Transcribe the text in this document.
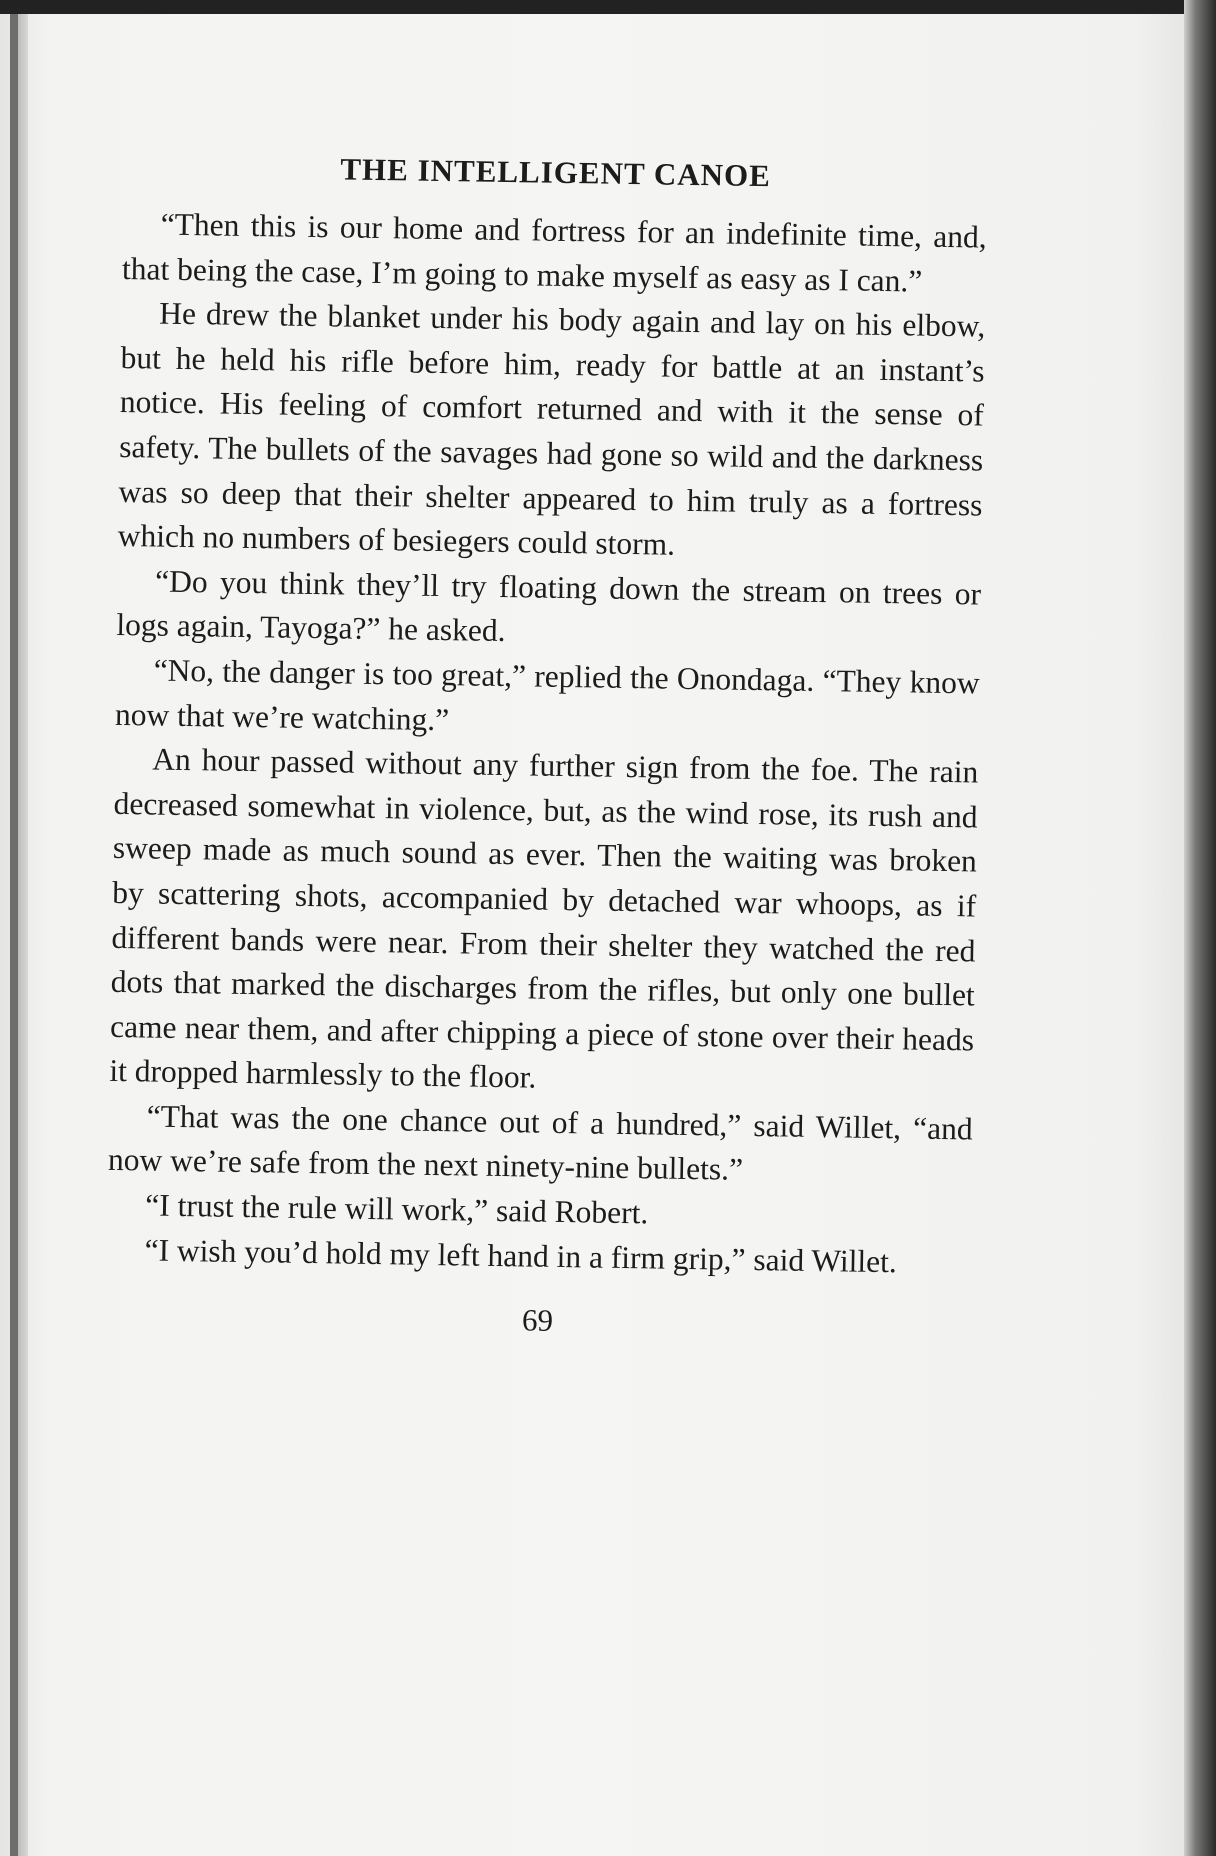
THE INTELLIGENT CANOE

“Then this is our home and fortress for an indefinite time, and, that being the case, I’m going to make myself as easy as I can.”

He drew the blanket under his body again and lay on his elbow, but he held his rifle before him, ready for battle at an instant’s notice. His feeling of comfort returned and with it the sense of safety. The bullets of the savages had gone so wild and the darkness was so deep that their shelter appeared to him truly as a fortress which no numbers of besiegers could storm.

“Do you think they’ll try floating down the stream on trees or logs again, Tayoga?” he asked.

“No, the danger is too great,” replied the Onondaga. “They know now that we’re watching.”

An hour passed without any further sign from the foe. The rain decreased somewhat in violence, but, as the wind rose, its rush and sweep made as much sound as ever. Then the waiting was broken by scattering shots, accompanied by detached war whoops, as if different bands were near. From their shelter they watched the red dots that marked the discharges from the rifles, but only one bullet came near them, and after chipping a piece of stone over their heads it dropped harmlessly to the floor.

“That was the one chance out of a hundred,” said Willet, “and now we’re safe from the next ninety-nine bullets.”

“I trust the rule will work,” said Robert.

“I wish you’d hold my left hand in a firm grip,” said Willet.

69
